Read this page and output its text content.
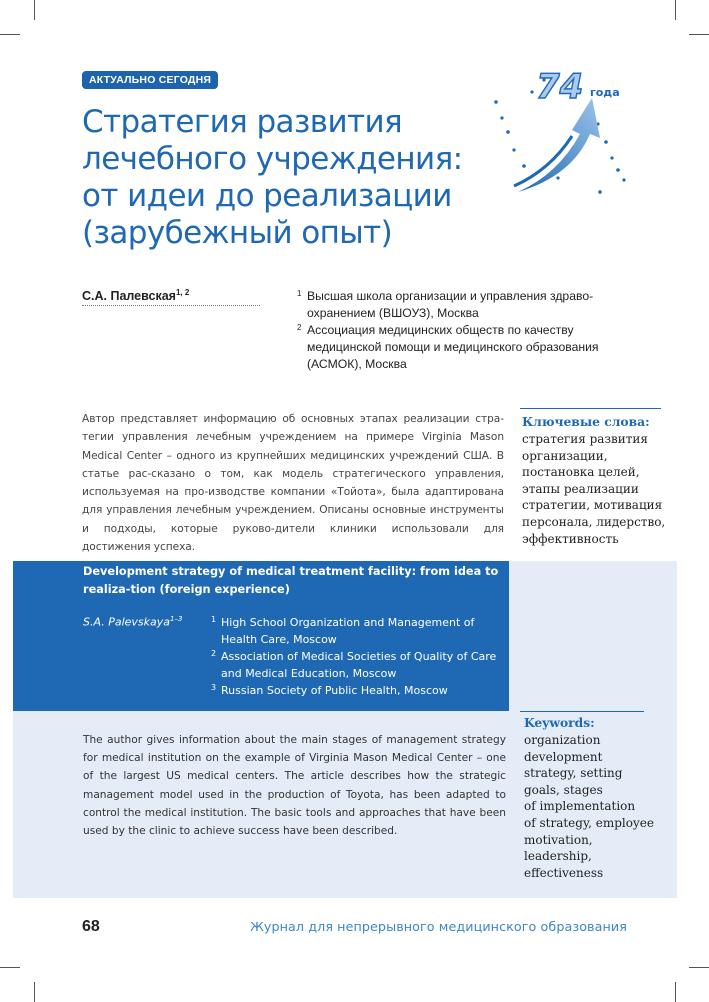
АКТУАЛЬНО СЕГОДНЯ
Стратегия развития
лечебного учреждения:
от идеи до реализации
(зарубежный опыт)
74 года
С.А. Палевская$^{1, 2}$	1 Высшая школа организации и управления здраво-охранением (ВШОУЗ), Москва
2 Ассоциация медицинских обществ по качеству медицинской помощи и медицинского образования (АСМОК), Москва

Автор представляет информацию об основных этапах реализации стра-тегии управления лечебным учреждением на примере Virginia Mason Medical Center – одного из крупнейших медицинских учреждений США. В статье рас-сказано о том, как модель стратегического управления, используемая на про-изводстве компании «Тойота», была адаптирована для управления лечебным учреждением. Описаны основные инструменты и подходы, которые руково-дители клиники использовали для достижения успеха.

Ключевые слова:
стратегия развития
организации,
постановка целей,
этапы реализации
стратегии, мотивация
персонала, лидерство,
эффективность
Development strategy of medical treatment facility: from idea to realiza-tion (foreign experience)
S.A. Palevskaya$^{1-3}$	1 High School Organization and Management of Health Care, Moscow
2 Association of Medical Societies of Quality of Care and Medical Education, Moscow
3 Russian Society of Public Health, Moscow

The author gives information about the main stages of management strategy for medical institution on the example of Virginia Mason Medical Center – one of the largest US medical centers. The article describes how the strategic management model used in the production of Toyota, has been adapted to control the medical institution. The basic tools and approaches that have been used by the clinic to achieve success have been described.

Keywords:
organization
development
strategy, setting
goals, stages
of implementation
of strategy, employee
motivation,
leadership,
effectiveness
68	Журнал для непрерывного медицинского образования
